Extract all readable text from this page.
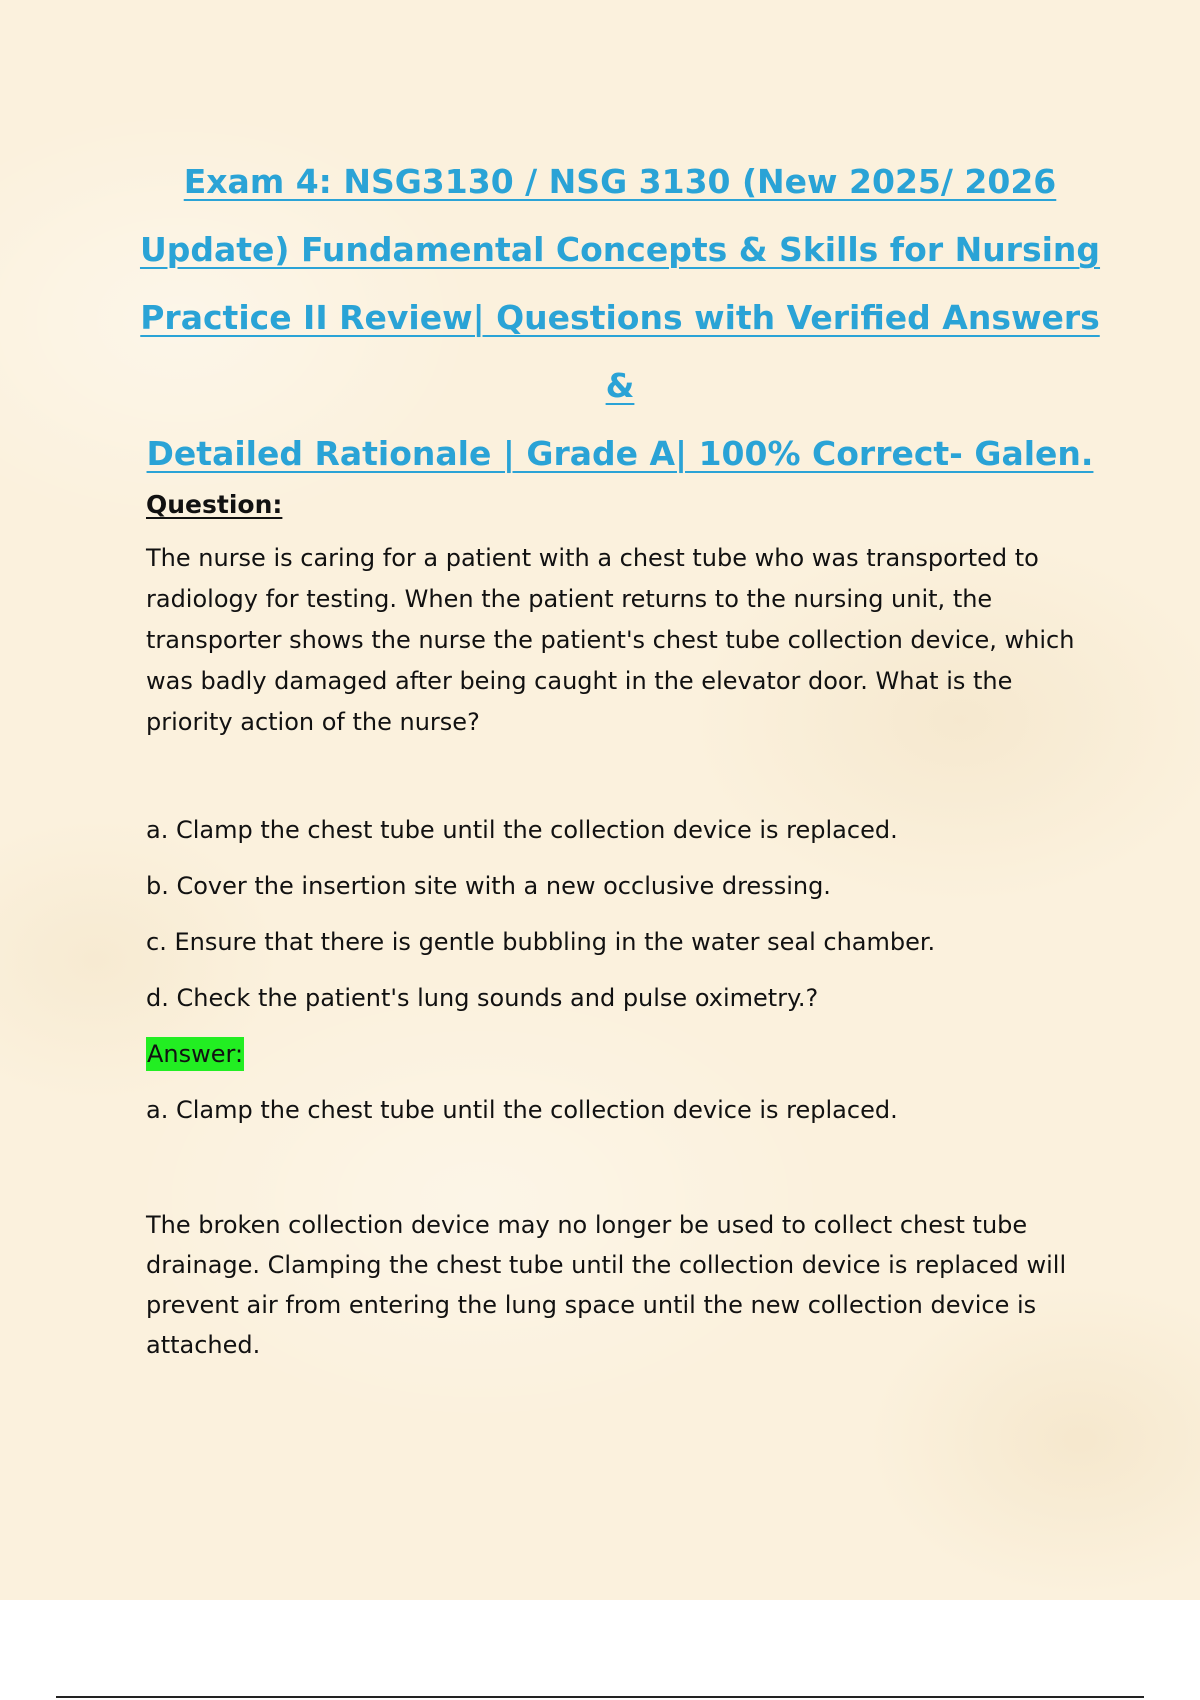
Exam 4: NSG3130 / NSG 3130 (New 2025/ 2026
Update) Fundamental Concepts & Skills for Nursing
Practice II Review| Questions with Verified Answers &
Detailed Rationale | Grade A| 100% Correct- Galen.

Question:

The nurse is caring for a patient with a chest tube who was transported to radiology for testing. When the patient returns to the nursing unit, the transporter shows the nurse the patient's chest tube collection device, which was badly damaged after being caught in the elevator door. What is the priority action of the nurse?

a. Clamp the chest tube until the collection device is replaced.
b. Cover the insertion site with a new occlusive dressing.
c. Ensure that there is gentle bubbling in the water seal chamber.
d. Check the patient's lung sounds and pulse oximetry.?
Answer:

a. Clamp the chest tube until the collection device is replaced.

The broken collection device may no longer be used to collect chest tube drainage. Clamping the chest tube until the collection device is replaced will prevent air from entering the lung space until the new collection device is attached.
